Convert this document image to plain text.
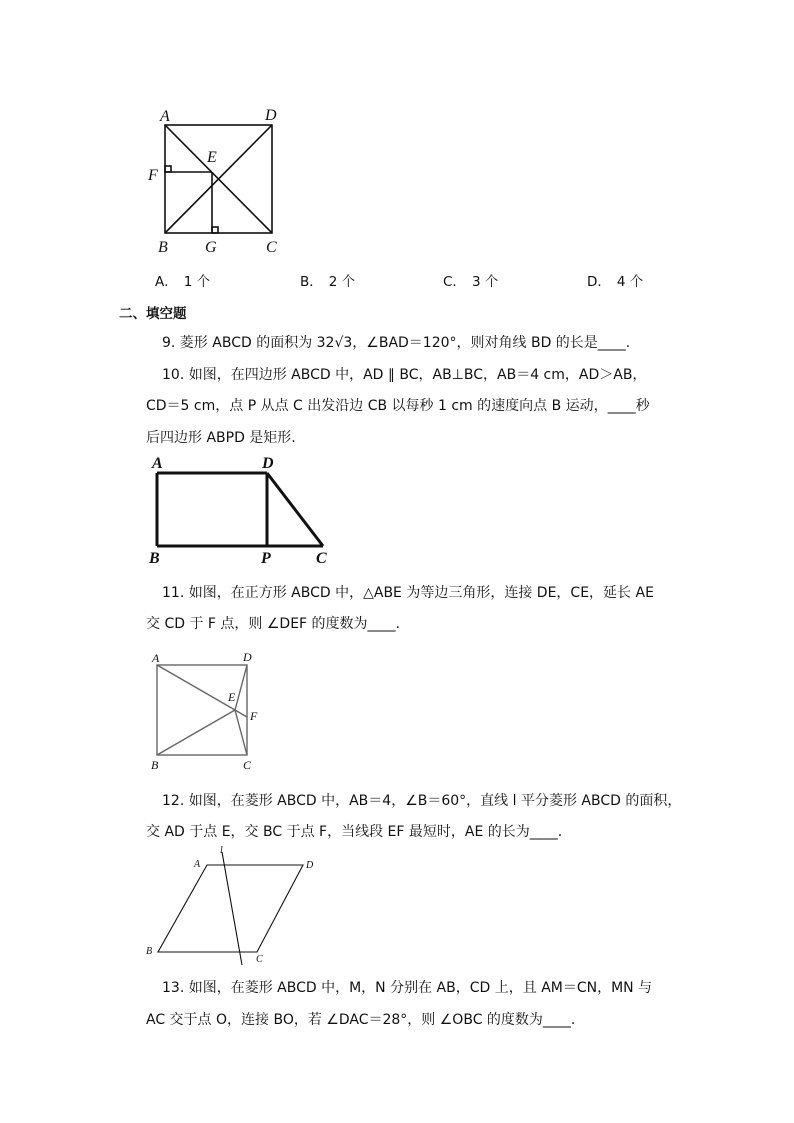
A	D
E
F
B G	C
A． 1 个	B． 2 个	C． 3 个	D． 4 个
二、填空题
9. 菱形 ABCD 的面积为 32√3，∠BAD＝120°，则对角线 BD 的长是____.
10. 如图，在四边形 ABCD 中，AD ∥ BC，AB⊥BC，AB＝4 cm，AD＞AB，
CD＝5 cm，点 P 从点 C 出发沿边 CB 以每秒 1 cm 的速度向点 B 运动，____秒
后四边形 ABPD 是矩形.
A	D
B	P	C
11. 如图，在正方形 ABCD 中，△ABE 为等边三角形，连接 DE，CE，延长 AE
交 CD 于 F 点，则 ∠DEF 的度数为____.
A	D
E
F
B	C
12. 如图，在菱形 ABCD 中，AB＝4，∠B＝60°，直线 l 平分菱形 ABCD 的面积，
交 AD 于点 E，交 BC 于点 F，当线段 EF 最短时，AE 的长为____.
A
l
D
B
C
13. 如图，在菱形 ABCD 中，M，N 分别在 AB，CD 上，且 AM＝CN，MN 与
AC 交于点 O，连接 BO，若 ∠DAC＝28°，则 ∠OBC 的度数为____.
